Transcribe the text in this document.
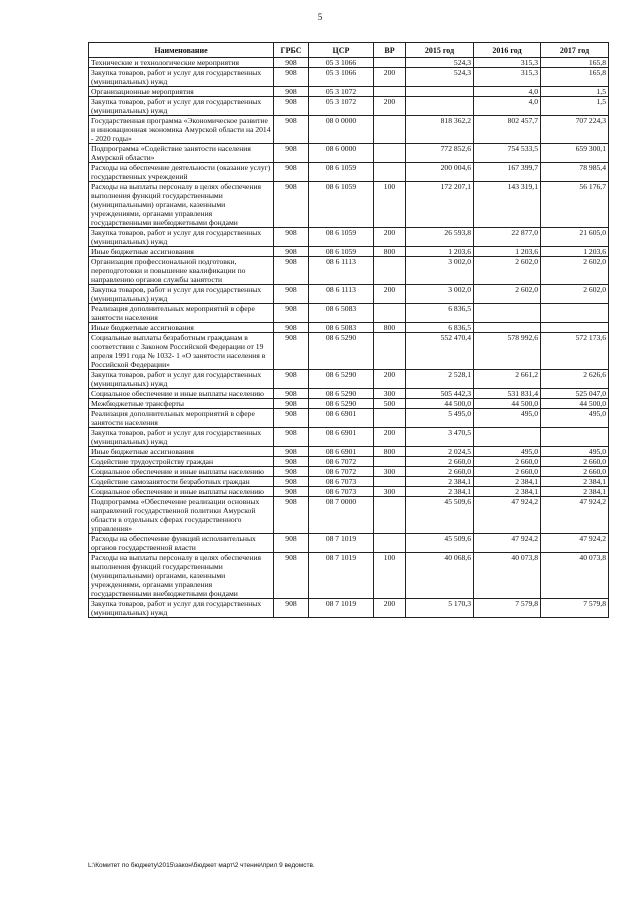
5
Наименование	ГРБС	ЦСР	ВР	2015 год	2016 год	2017 год
Технические и технологические мероприятия	908	05 3 1066		524,3	315,3	165,8
Закупка товаров, работ и услуг для государственных (муниципальных) нужд	908	05 3 1066	200	524,3	315,3	165,8
Организационные мероприятия	908	05 3 1072			4,0	1,5
Закупка товаров, работ и услуг для государственных (муниципальных) нужд	908	05 3 1072	200		4,0	1,5
Государственная программа «Экономическое развитие и инновационная экономика Амурской области на 2014 - 2020 годы»	908	08 0 0000		818 362,2	802 457,7	707 224,3
Подпрограмма «Содействие занятости населения Амурской области»	908	08 6 0000		772 852,6	754 533,5	659 300,1
Расходы на обеспечение деятельности (оказание услуг) государственных учреждений	908	08 6 1059		200 004,6	167 399,7	78 985,4
Расходы на выплаты персоналу в целях обеспечения выполнения функций государственными (муниципальными) органами, казенными учреждениями, органами управления государственными внебюджетными фондами	908	08 6 1059	100	172 207,1	143 319,1	56 176,7
Закупка товаров, работ и услуг для государственных (муниципальных) нужд	908	08 6 1059	200	26 593,8	22 877,0	21 605,0
Иные бюджетные ассигнования	908	08 6 1059	800	1 203,6	1 203,6	1 203,6
Организация профессиональной подготовки, переподготовки и повышение квалификации по направлению органов службы занятости	908	08 6 1113		3 002,0	2 602,0	2 602,0
Закупка товаров, работ и услуг для государственных (муниципальных) нужд	908	08 6 1113	200	3 002,0	2 602,0	2 602,0
Реализация дополнительных мероприятий в сфере занятости населения	908	08 6 5083		6 836,5		
Иные бюджетные ассигнования	908	08 6 5083	800	6 836,5		
Социальные выплаты безработным гражданам в соответствии с Законом Российской Федерации от 19 апреля 1991 года № 1032- 1 «О занятости населения в Российской Федерации»	908	08 6 5290		552 470,4	578 992,6	572 173,6
Закупка товаров, работ и услуг для государственных (муниципальных) нужд	908	08 6 5290	200	2 528,1	2 661,2	2 626,6
Социальное обеспечение и иные выплаты населению	908	08 6 5290	300	505 442,3	531 831,4	525 047,0
Межбюджетные трансферты	908	08 6 5290	500	44 500,0	44 500,0	44 500,0
Реализация дополнительных мероприятий в сфере занятости населения	908	08 6 6901		5 495,0	495,0	495,0
Закупка товаров, работ и услуг для государственных (муниципальных) нужд	908	08 6 6901	200	3 470,5		
Иные бюджетные ассигнования	908	08 6 6901	800	2 024,5	495,0	495,0
Содействие трудоустройству граждан	908	08 6 7072		2 660,0	2 660,0	2 660,0
Социальное обеспечение и иные выплаты населению	908	08 6 7072	300	2 660,0	2 660,0	2 660,0
Содействие самозанятости безработных граждан	908	08 6 7073		2 384,1	2 384,1	2 384,1
Социальное обеспечение и иные выплаты населению	908	08 6 7073	300	2 384,1	2 384,1	2 384,1
Подпрограмма «Обеспечение реализации основных направлений государственной политики Амурской области в отдельных сферах государственного управления»	908	08 7 0000		45 509,6	47 924,2	47 924,2
Расходы на обеспечение функций исполнительных органов государственной власти	908	08 7 1019		45 509,6	47 924,2	47 924,2
Расходы на выплаты персоналу в целях обеспечения выполнения функций государственными (муниципальными) органами, казенными учреждениями, органами управления государственными внебюджетными фондами	908	08 7 1019	100	40 068,6	40 073,8	40 073,8
Закупка товаров, работ и услуг для государственных (муниципальных) нужд	908	08 7 1019	200	5 170,3	7 579,8	7 579,8
L:\Комитет по бюджету\2015\закон\бюджет март\2 чтение\прил 9 ведомств.
